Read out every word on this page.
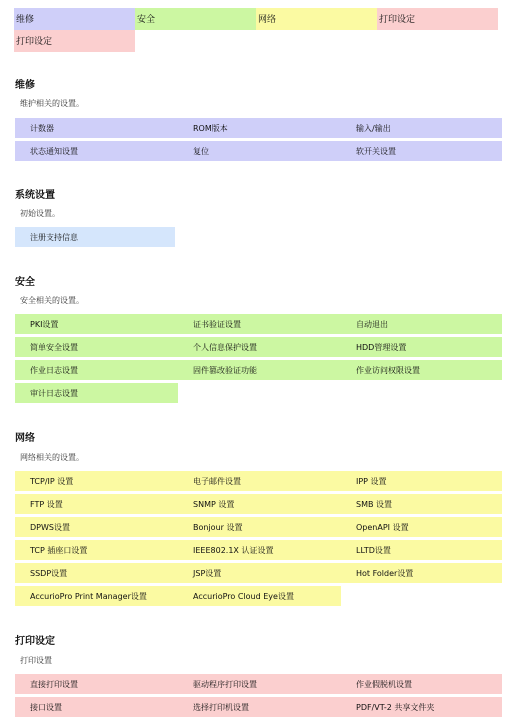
维修	安全	网络	打印设定
打印设定
维修
维护相关的设置。
计数器	ROM版本	输入/输出
状态通知设置	复位	软开关设置
系统设置
初始设置。
注册支持信息
安全
安全相关的设置。
PKI设置	证书验证设置	自动退出
简单安全设置	个人信息保护设置	HDD管理设置
作业日志设置	固件篡改验证功能	作业访问权限设置
审计日志设置
网络
网络相关的设置。
TCP/IP 设置	电子邮件设置	IPP 设置
FTP 设置	SNMP 设置	SMB 设置
DPWS设置	Bonjour 设置	OpenAPI 设置
TCP 插座口设置	IEEE802.1X 认证设置	LLTD设置
SSDP设置	JSP设置	Hot Folder设置
AccurioPro Print Manager设置	AccurioPro Cloud Eye设置
打印设定
打印设置
直接打印设置	驱动程序打印设置	作业假脱机设置
接口设置	选择打印机设置	PDF/VT-2 共享文件夹
